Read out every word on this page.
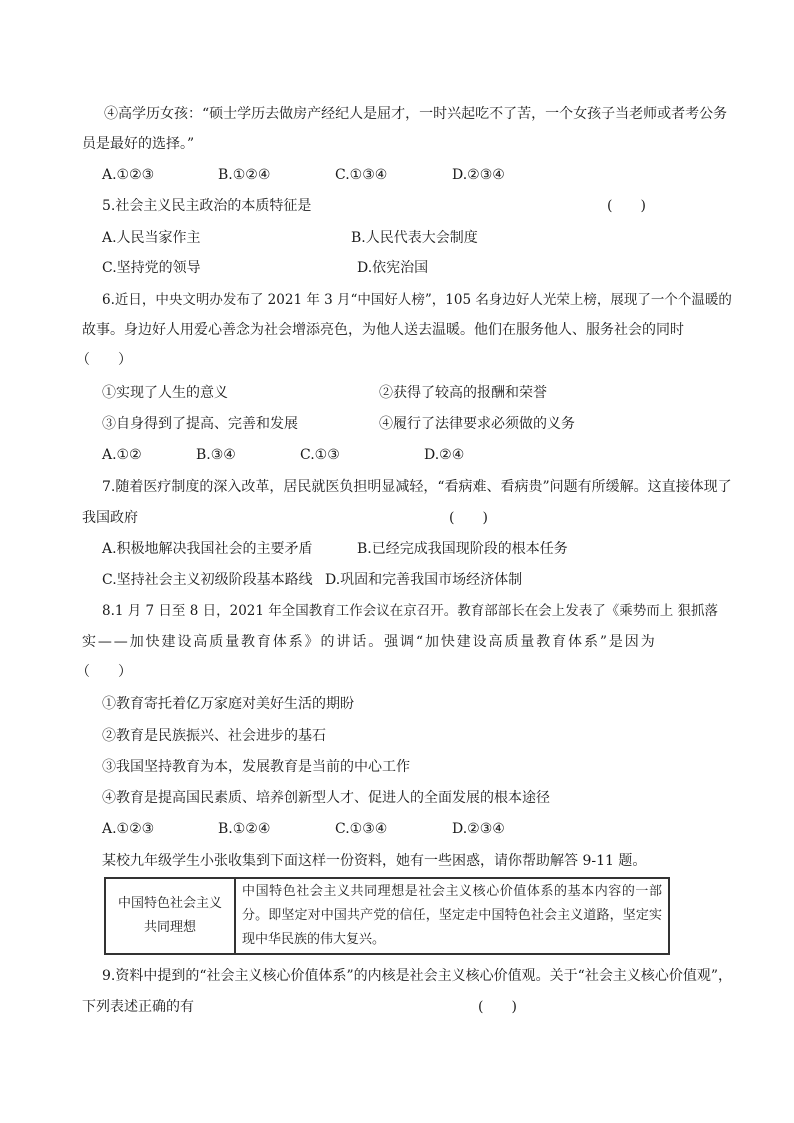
④高学历女孩：“硕士学历去做房产经纪人是屈才，一时兴起吃不了苦，一个女孩子当老师或者考公务
员是最好的选择。”
A.①②③	B.①②④	C.①③④	D.②③④
5.社会主义民主政治的本质特征是	(　　)
A.人民当家作主	B.人民代表大会制度
C.坚持党的领导	D.依宪治国
6.近日，中央文明办发布了 2021 年 3 月“中国好人榜”，105 名身边好人光荣上榜，展现了一个个温暖的
故事。身边好人用爱心善念为社会增添亮色，为他人送去温暖。他们在服务他人、服务社会的同时
（　　）
①实现了人生的意义	②获得了较高的报酬和荣誉
③自身得到了提高、完善和发展	④履行了法律要求必须做的义务
A.①②	B.③④	C.①③	D.②④
7.随着医疗制度的深入改革，居民就医负担明显减轻，“看病难、看病贵”问题有所缓解。这直接体现了
我国政府	(　　)
A.积极地解决我国社会的主要矛盾	B.已经完成我国现阶段的根本任务
C.坚持社会主义初级阶段基本路线 D.巩固和完善我国市场经济体制
8.1 月 7 日至 8 日，2021 年全国教育工作会议在京召开。教育部部长在会上发表了《乘势而上 狠抓落
实——加快建设高质量教育体系》的讲话。强调“加快建设高质量教育体系”是因为
（　　）
①教育寄托着亿万家庭对美好生活的期盼
②教育是民族振兴、社会进步的基石
③我国坚持教育为本，发展教育是当前的中心工作
④教育是提高国民素质、培养创新型人才、促进人的全面发展的根本途径
A.①②③	B.①②④	C.①③④	D.②③④
某校九年级学生小张收集到下面这样一份资料，她有一些困惑，请你帮助解答 9-11 题。
中国特色社会主义共同理想	中国特色社会主义共同理想是社会主义核心价值体系的基本内容的一部分。即坚定对中国共产党的信任，坚定走中国特色社会主义道路，坚定实现中华民族的伟大复兴。
9.资料中提到的“社会主义核心价值体系”的内核是社会主义核心价值观。关于“社会主义核心价值观”，
下列表述正确的有	(　　)
